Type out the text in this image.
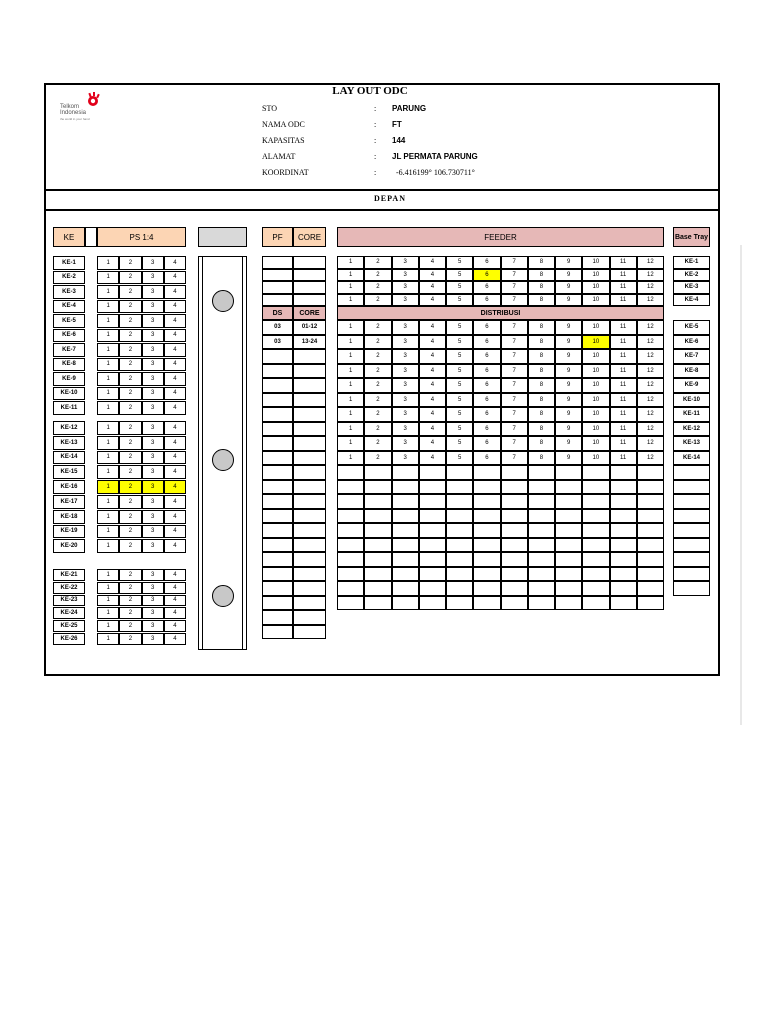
Telkom
Indonesia
the world in your hand
LAY OUT ODC
STO	: PARUNG
NAMA ODC	: FT
KAPASITAS	: 144
ALAMAT	: JL PERMATA PARUNG
KOORDINAT	: -6.416199° 106.730711°
DEPAN
KE	PS 1:4	PF	CORE	FEEDER	Base Tray
DS	CORE	DISTRIBUSI
KE-1	1	2	3	4
KE-2	1	2	3	4
KE-3	1	2	3	4
KE-4	1	2	3	4
KE-5	1	2	3	4
KE-6	1	2	3	4
KE-7	1	2	3	4
KE-8	1	2	3	4
KE-9	1	2	3	4
KE-10	1	2	3	4
KE-11	1	2	3	4
KE-12	1	2	3	4
KE-13	1	2	3	4
KE-14	1	2	3	4
KE-15	1	2	3	4
KE-16	1	2	3	4
KE-17	1	2	3	4
KE-18	1	2	3	4
KE-19	1	2	3	4
KE-20	1	2	3	4
KE-21	1	2	3	4
KE-22	1	2	3	4
KE-23	1	2	3	4
KE-24	1	2	3	4
KE-25	1	2	3	4
KE-26	1	2	3	4
03	01-12
03	13-24
1	2	3	4	5	6	7	8	9	10	11	12	KE-1
1	2	3	4	5	6	7	8	9	10	11	12	KE-2
1	2	3	4	5	6	7	8	9	10	11	12	KE-3
1	2	3	4	5	6	7	8	9	10	11	12	KE-4
1	2	3	4	5	6	7	8	9	10	11	12	KE-5
1	2	3	4	5	6	7	8	9	10	11	12	KE-6
1	2	3	4	5	6	7	8	9	10	11	12	KE-7
1	2	3	4	5	6	7	8	9	10	11	12	KE-8
1	2	3	4	5	6	7	8	9	10	11	12	KE-9
1	2	3	4	5	6	7	8	9	10	11	12	KE-10
1	2	3	4	5	6	7	8	9	10	11	12	KE-11
1	2	3	4	5	6	7	8	9	10	11	12	KE-12
1	2	3	4	5	6	7	8	9	10	11	12	KE-13
1	2	3	4	5	6	7	8	9	10	11	12	KE-14
